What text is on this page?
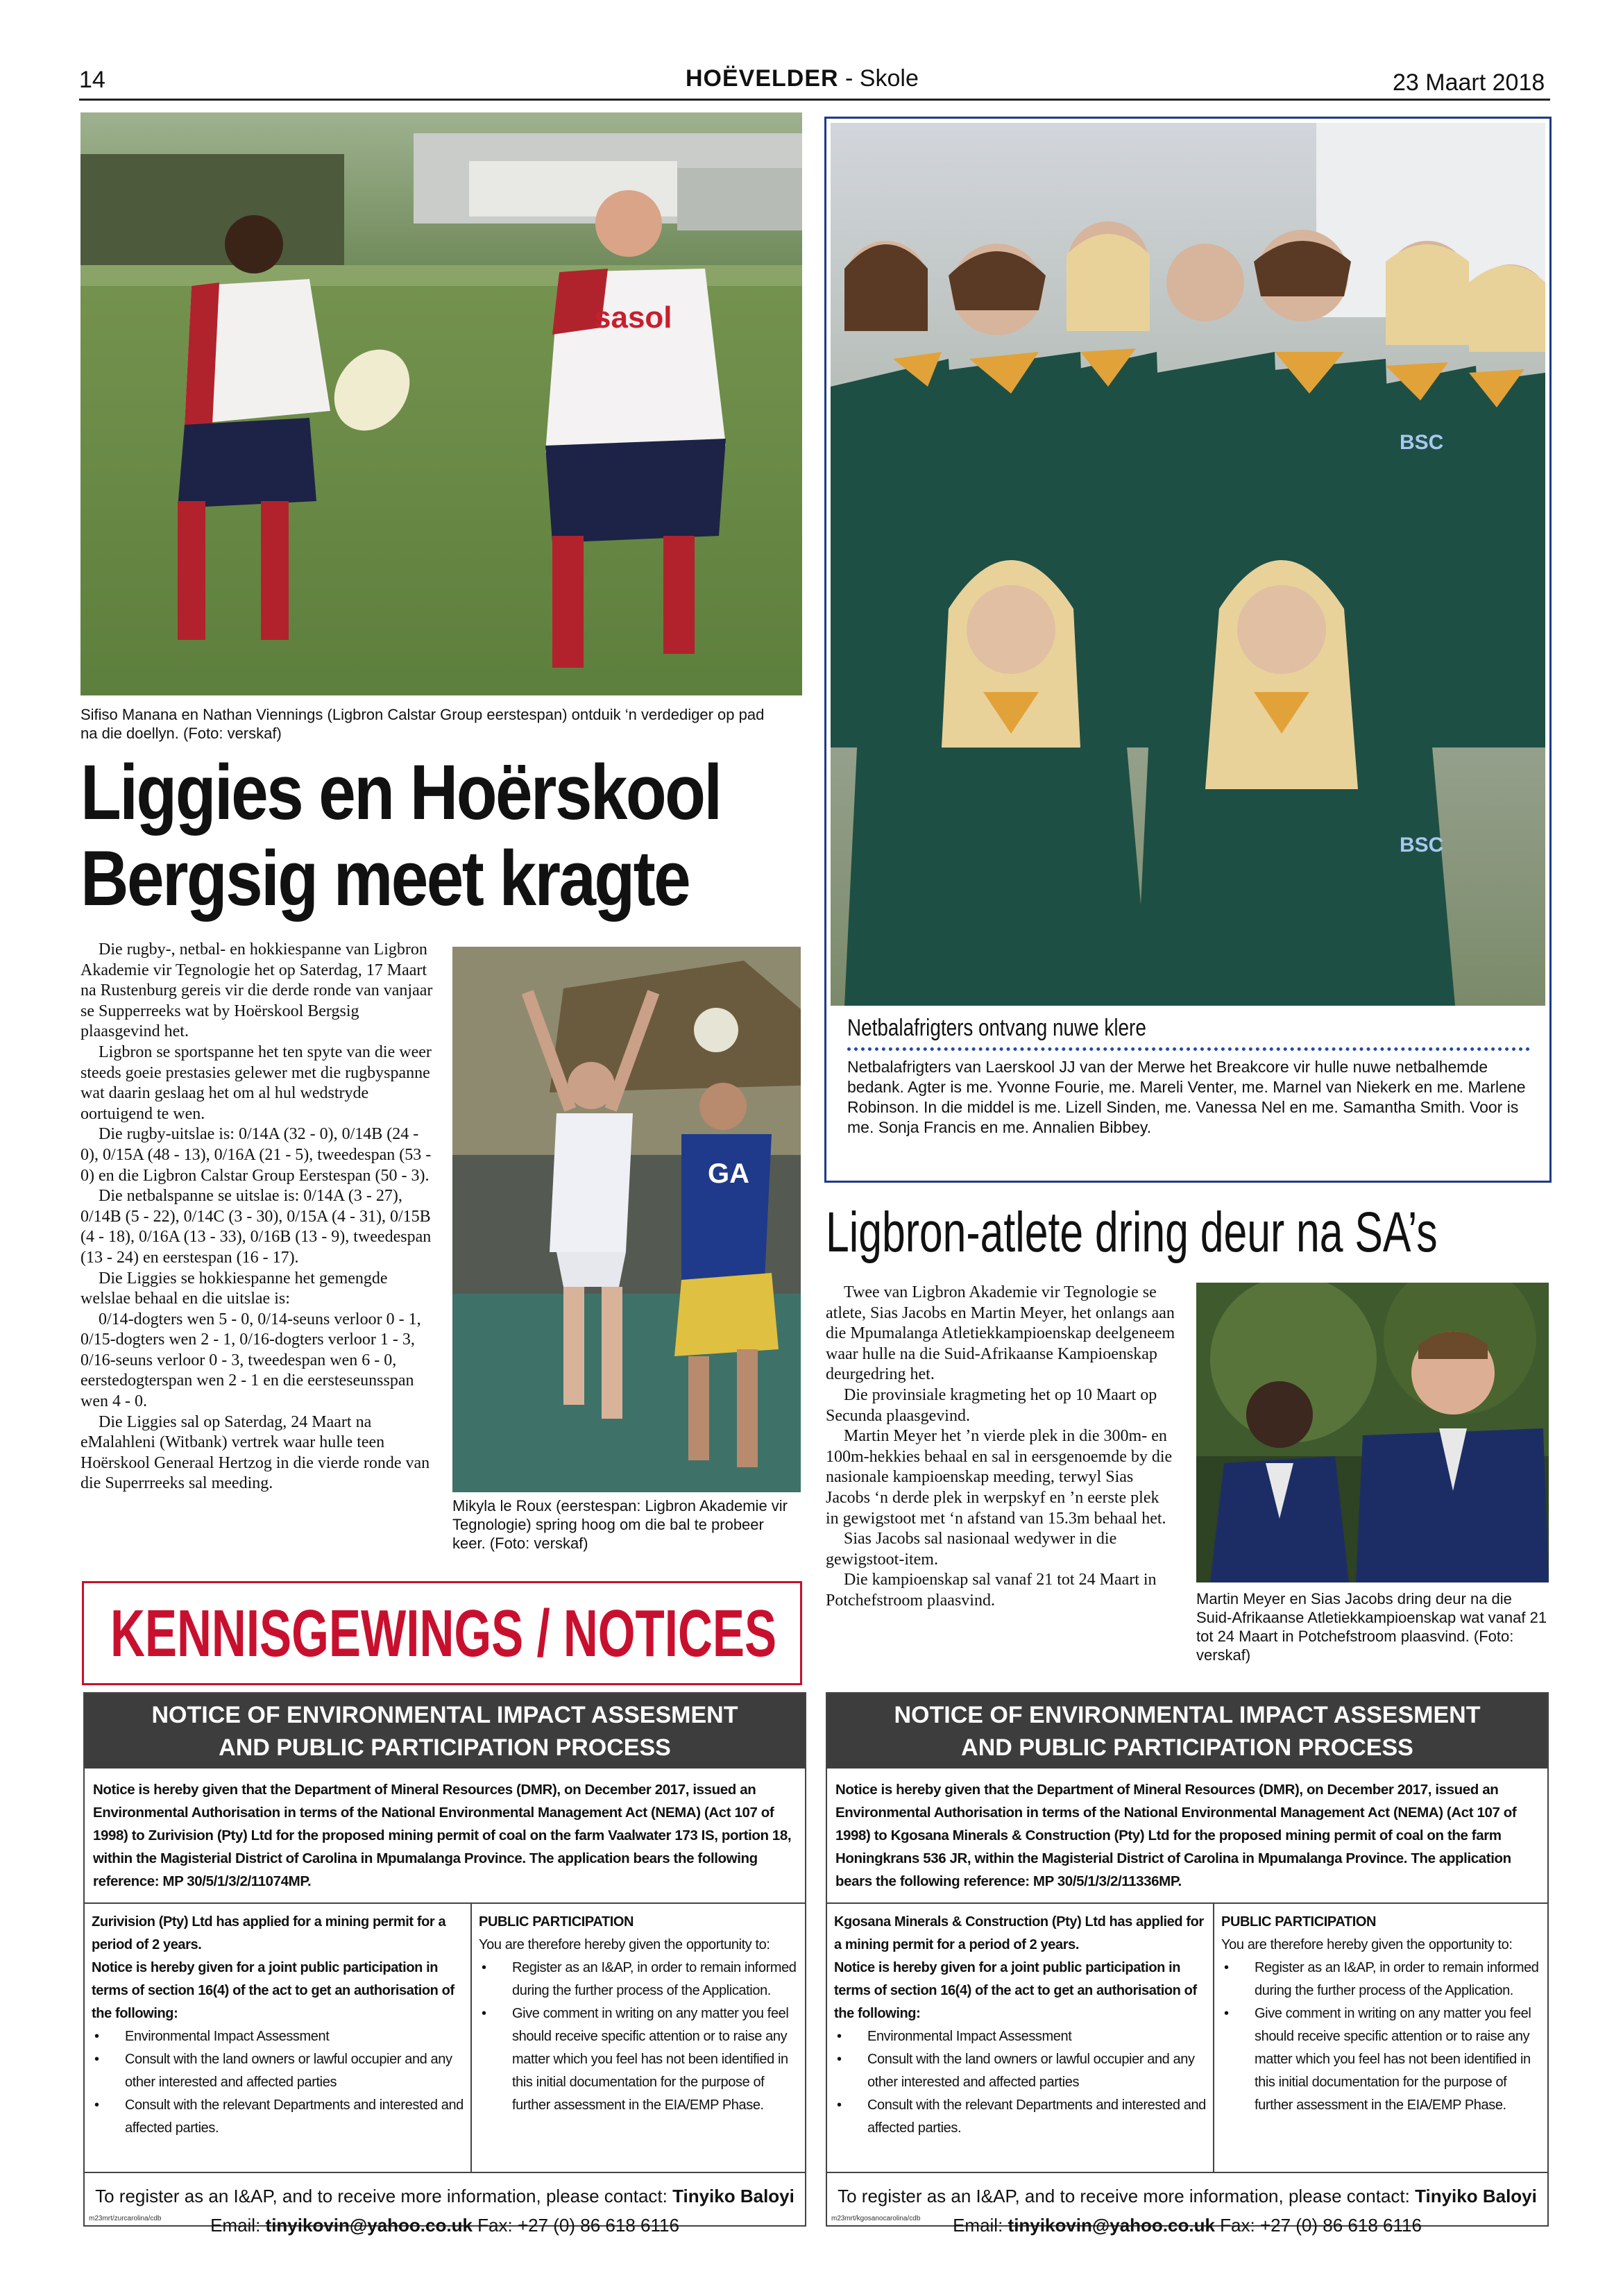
14	HOËVELDER - Skole	23 Maart 2018
sasol
Sifiso Manana en Nathan Viennings (Ligbron Calstar Group eerstespan) ontduik ‘n verdediger op pad na die doellyn. (Foto: verskaf)
Liggies en Hoërskool
Bergsig meet kragte

Die rugby-, netbal- en hokkiespanne van Ligbron Akademie vir Tegnologie het op Saterdag, 17 Maart na Rustenburg gereis vir die derde ronde van vanjaar se Supperreeks wat by Hoërskool Bergsig plaasgevind het.

Ligbron se sportspanne het ten spyte van die weer steeds goeie prestasies gelewer met die rugbyspanne wat daarin geslaag het om al hul wedstryde oortuigend te wen.

Die rugby-uitslae is: 0/14A (32 - 0), 0/14B (24 - 0), 0/15A (48 - 13), 0/16A (21 - 5), tweedespan (53 - 0) en die Ligbron Calstar Group Eerstespan (50 - 3).

Die netbalspanne se uitslae is: 0/14A (3 - 27), 0/14B (5 - 22), 0/14C (3 - 30), 0/15A (4 - 31), 0/15B (4 - 18), 0/16A (13 - 33), 0/16B (13 - 9), tweedespan (13 - 24) en eerstespan (16 - 17).

Die Liggies se hokkiespanne het gemengde welslae behaal en die uitslae is:

0/14-dogters wen 5 - 0, 0/14-seuns verloor 0 - 1, 0/15-dogters wen 2 - 1, 0/16-dogters verloor 1 - 3, 0/16-seuns verloor 0 - 3, tweedespan wen 6 - 0, eerstedogterspan wen 2 - 1 en die eersteseunsspan wen 4 - 0.

Die Liggies sal op Saterdag, 24 Maart na eMalahleni (Witbank) vertrek waar hulle teen Hoërskool Generaal Hertzog in die vierde ronde van die Superrreeks sal meeding.

GA
Mikyla le Roux (eerstespan: Ligbron Akademie vir Tegnologie) spring hoog om die bal te probeer keer. (Foto: verskaf)
BSC
BSC
Netbalafrigters ontvang nuwe klere
Netbalafrigters van Laerskool JJ van der Merwe het Breakcore vir hulle nuwe netbalhemde bedank. Agter is me. Yvonne Fourie, me. Mareli Venter, me. Marnel van Niekerk en me. Marlene Robinson. In die middel is me. Lizell Sinden, me. Vanessa Nel en me. Samantha Smith. Voor is me. Sonja Francis en me. Annalien Bibbey.
Ligbron-atlete dring deur na SA’s

Twee van Ligbron Akademie vir Tegnologie se atlete, Sias Jacobs en Martin Meyer, het onlangs aan die Mpumalanga Atletiekkampioenskap deelgeneem waar hulle na die Suid-Afrikaanse Kampioenskap deurgedring het.

Die provinsiale kragmeting het op 10 Maart op Secunda plaasgevind.

Martin Meyer het ’n vierde plek in die 300m- en 100m-hekkies behaal en sal in eersgenoemde by die nasionale kampioenskap meeding, terwyl Sias Jacobs ‘n derde plek in werpskyf en ’n eerste plek in gewigstoot met ‘n afstand van 15.3m behaal het.

Sias Jacobs sal nasionaal wedywer in die gewigstoot-item.

Die kampioenskap sal vanaf 21 tot 24 Maart in Potchefstroom plaasvind.	Martin Meyer en Sias Jacobs dring deur na die Suid-Afrikaanse Atletiekkampioenskap wat vanaf 21 tot 24 Maart in Potchefstroom plaasvind. (Foto: verskaf)
KENNISGEWINGS / NOTICES
NOTICE OF ENVIRONMENTAL IMPACT ASSESMENT
AND PUBLIC PARTICIPATION PROCESS
Notice is hereby given that the Department of Mineral Resources (DMR), on December 2017, issued an Environmental Authorisation in terms of the National Environmental Management Act (NEMA) (Act 107 of 1998) to Zurivision (Pty) Ltd for the proposed mining permit of coal on the farm Vaalwater 173 IS, portion 18, within the Magisterial District of Carolina in Mpumalanga Province. The application bears the following reference: MP 30/5/1/3/2/11074MP.
Zurivision (Pty) Ltd has applied for a mining permit for a period of 2 years.
Notice is hereby given for a joint public participation in terms of section 16(4) of the act to get an authorisation of the following:
• Environmental Impact Assessment
• Consult with the land owners or lawful occupier and any other interested and affected parties
• Consult with the relevant Departments and interested and affected parties.
PUBLIC PARTICIPATION
You are therefore hereby given the opportunity to:
• Register as an I&AP, in order to remain informed during the further process of the Application.
• Give comment in writing on any matter you feel should receive specific attention or to raise any matter which you feel has not been identified in this initial documentation for the purpose of further assessment in the EIA/EMP Phase.
To register as an I&AP, and to receive more information, please contact: Tinyiko Baloyi
Email: tinyikovin@yahoo.co.uk Fax: +27 (0) 86 618 6116
m23mrt/zurcarolina/cdb
NOTICE OF ENVIRONMENTAL IMPACT ASSESMENT
AND PUBLIC PARTICIPATION PROCESS
Notice is hereby given that the Department of Mineral Resources (DMR), on December 2017, issued an Environmental Authorisation in terms of the National Environmental Management Act (NEMA) (Act 107 of 1998) to Kgosana Minerals & Construction (Pty) Ltd for the proposed mining permit of coal on the farm Honingkrans 536 JR, within the Magisterial District of Carolina in Mpumalanga Province. The application bears the following reference: MP 30/5/1/3/2/11336MP.
Kgosana Minerals & Construction (Pty) Ltd has applied for a mining permit for a period of 2 years.
Notice is hereby given for a joint public participation in terms of section 16(4) of the act to get an authorisation of the following:
• Environmental Impact Assessment
• Consult with the land owners or lawful occupier and any other interested and affected parties
• Consult with the relevant Departments and interested and affected parties.
PUBLIC PARTICIPATION
You are therefore hereby given the opportunity to:
• Register as an I&AP, in order to remain informed during the further process of the Application.
• Give comment in writing on any matter you feel should receive specific attention or to raise any matter which you feel has not been identified in this initial documentation for the purpose of further assessment in the EIA/EMP Phase.
To register as an I&AP, and to receive more information, please contact: Tinyiko Baloyi
Email: tinyikovin@yahoo.co.uk Fax: +27 (0) 86 618 6116
m23mrt/kgosanocarolina/cdb
